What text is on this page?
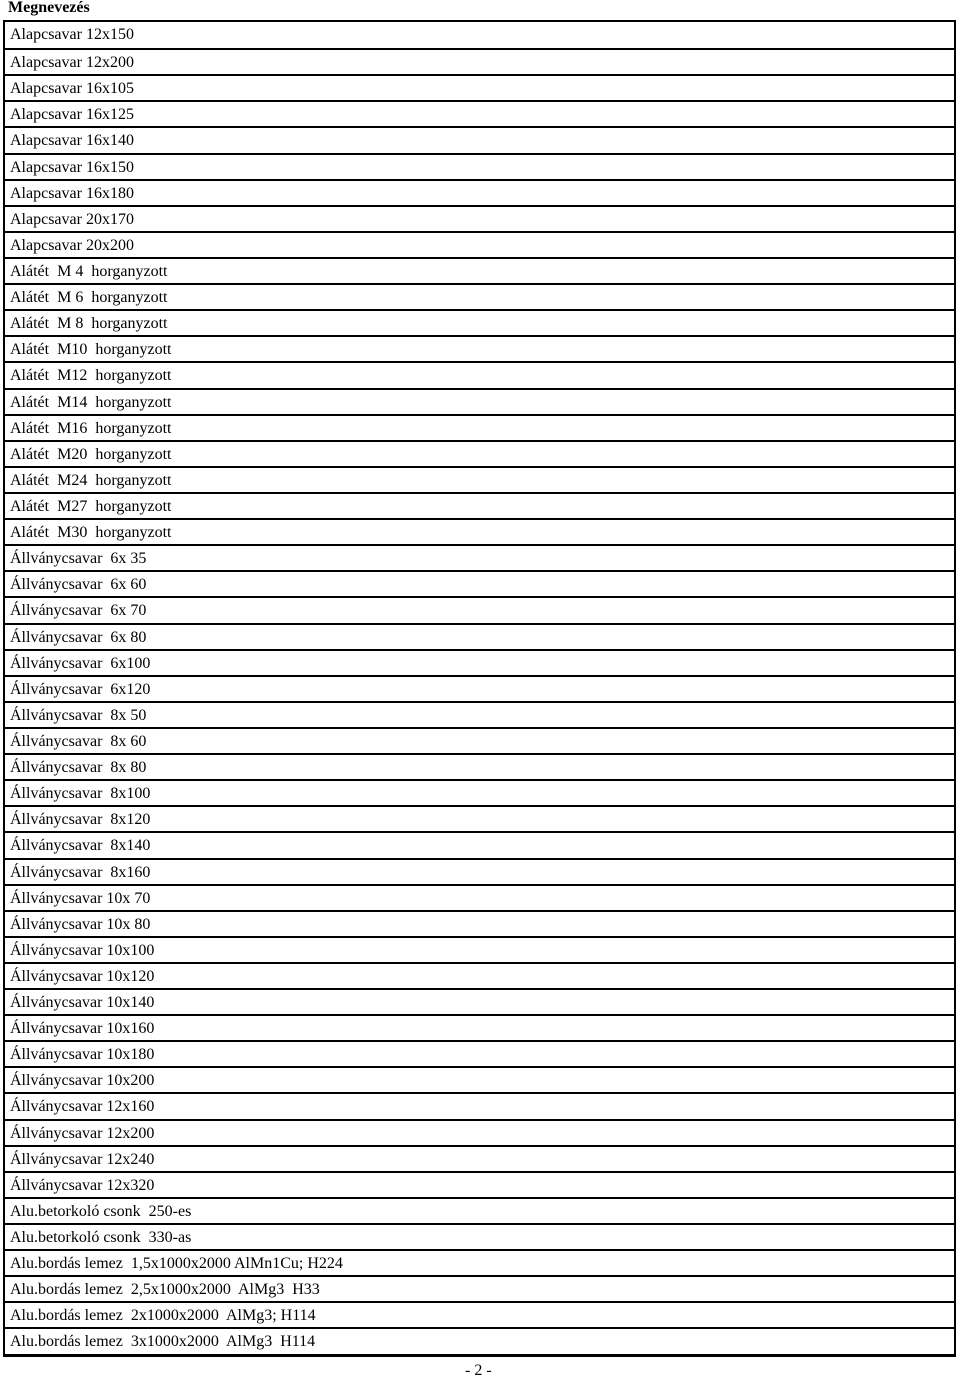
Megnevezés
Alapcsavar 12x150
Alapcsavar 12x200
Alapcsavar 16x105
Alapcsavar 16x125
Alapcsavar 16x140
Alapcsavar 16x150
Alapcsavar 16x180
Alapcsavar 20x170
Alapcsavar 20x200
Alátét  M 4  horganyzott
Alátét  M 6  horganyzott
Alátét  M 8  horganyzott
Alátét  M10  horganyzott
Alátét  M12  horganyzott
Alátét  M14  horganyzott
Alátét  M16  horganyzott
Alátét  M20  horganyzott
Alátét  M24  horganyzott
Alátét  M27  horganyzott
Alátét  M30  horganyzott
Állványcsavar  6x 35
Állványcsavar  6x 60
Állványcsavar  6x 70
Állványcsavar  6x 80
Állványcsavar  6x100
Állványcsavar  6x120
Állványcsavar  8x 50
Állványcsavar  8x 60
Állványcsavar  8x 80
Állványcsavar  8x100
Állványcsavar  8x120
Állványcsavar  8x140
Állványcsavar  8x160
Állványcsavar 10x 70
Állványcsavar 10x 80
Állványcsavar 10x100
Állványcsavar 10x120
Állványcsavar 10x140
Állványcsavar 10x160
Állványcsavar 10x180
Állványcsavar 10x200
Állványcsavar 12x160
Állványcsavar 12x200
Állványcsavar 12x240
Állványcsavar 12x320
Alu.betorkoló csonk  250-es
Alu.betorkoló csonk  330-as
Alu.bordás lemez  1,5x1000x2000 AlMn1Cu; H224
Alu.bordás lemez  2,5x1000x2000  AlMg3  H33
Alu.bordás lemez  2x1000x2000  AlMg3; H114
Alu.bordás lemez  3x1000x2000  AlMg3  H114
- 2 -
